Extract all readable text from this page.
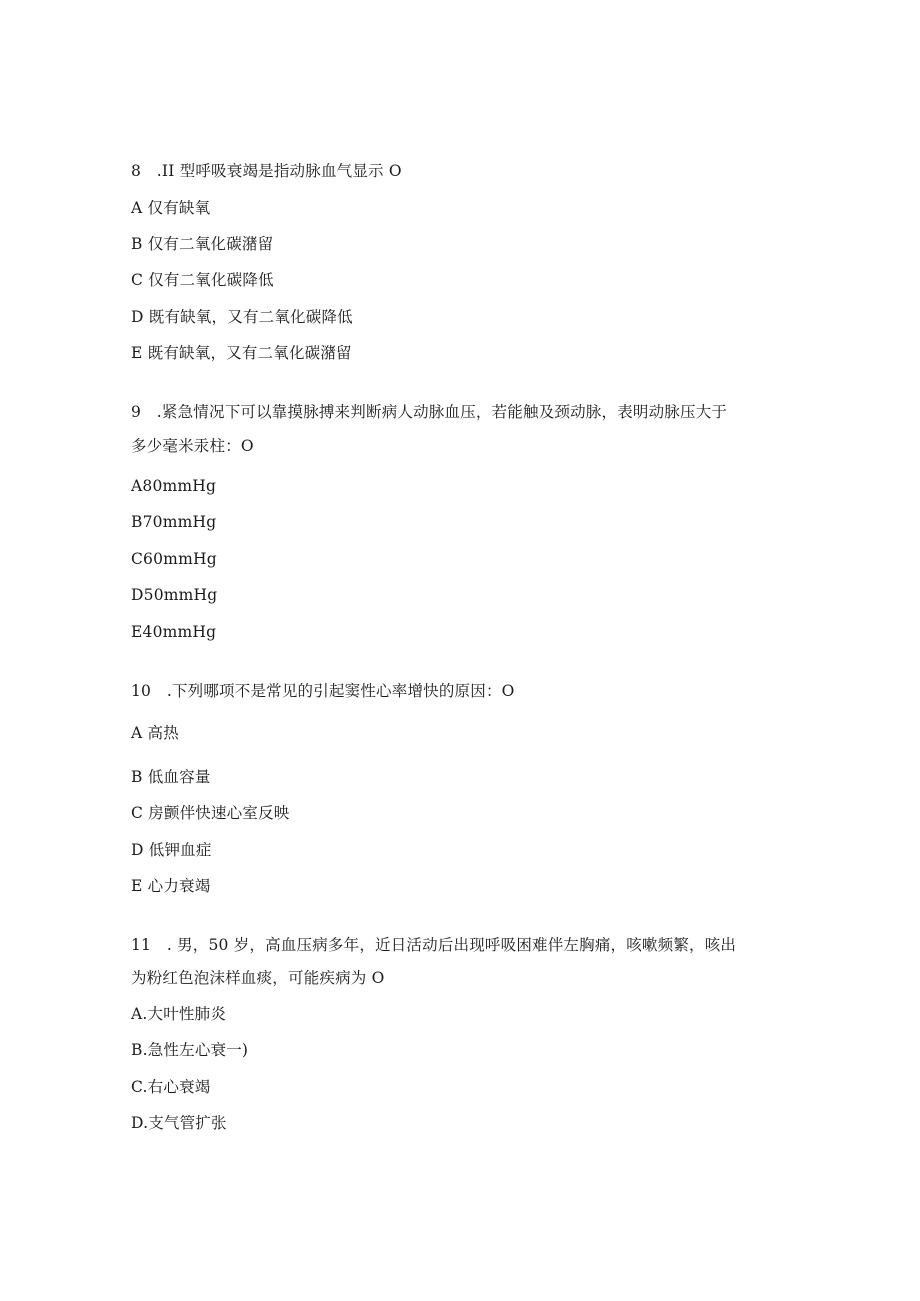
8　.II 型呼吸衰竭是指动脉血气显示 O
A 仅有缺氧
B 仅有二氧化碳潴留
C 仅有二氧化碳降低
D 既有缺氧，又有二氧化碳降低
E 既有缺氧，又有二氧化碳潴留
9　.紧急情况下可以靠摸脉搏来判断病人动脉血压，若能触及颈动脉，表明动脉压大于
多少毫米汞柱：O
A80mmHg
B70mmHg
C60mmHg
D50mmHg
E40mmHg
10　.下列哪项不是常见的引起窦性心率增快的原因：O
A 高热
B 低血容量
C 房颤伴快速心室反映
D 低钾血症
E 心力衰竭
11　. 男，50 岁，高血压病多年，近日活动后出现呼吸困难伴左胸痛，咳嗽频繁，咳出
为粉红色泡沫样血痰，可能疾病为 O
A.大叶性肺炎
B.急性左心衰一)
C.右心衰竭
D.支气管扩张
